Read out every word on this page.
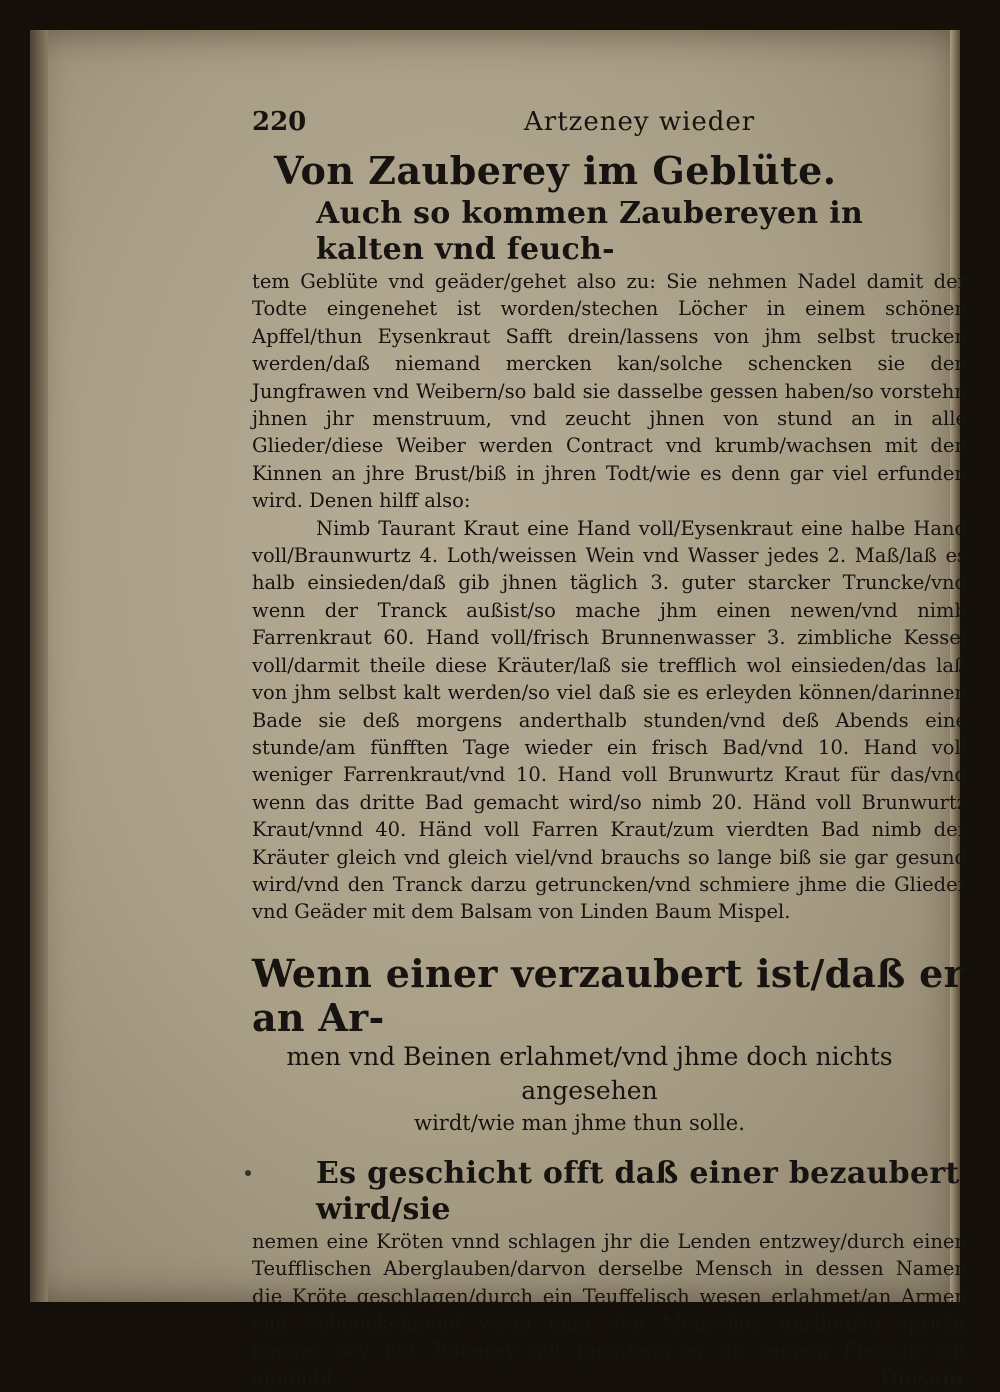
220	Artzeney wieder
Von Zauberey im Geblüte.
Auch so kommen Zaubereyen in kalten vnd feuch-

tem Geblüte vnd geäder/gehet also zu: Sie nehmen Nadel damit der Todte eingenehet ist worden/stechen Löcher in einem schönen Apffel/thun Eysenkraut Safft drein/lassens von jhm selbst trucken werden/daß niemand mercken kan/solche schencken sie den Jungfrawen vnd Weibern/so bald sie dasselbe gessen haben/so vorstehn jhnen jhr menstruum, vnd zeucht jhnen von stund an in alle Glieder/diese Weiber werden Contract vnd krumb/wachsen mit den Kinnen an jhre Brust/biß in jhren Todt/wie es denn gar viel erfunden wird. Denen hilff also:

Nimb Taurant Kraut eine Hand voll/Eysenkraut eine halbe Hand voll/Braunwurtz 4. Loth/weissen Wein vnd Wasser jedes 2. Maß/laß es halb einsieden/daß gib jhnen täglich 3. guter starcker Truncke/vnd wenn der Tranck außist/so mache jhm einen newen/vnd nimb Farrenkraut 60. Hand voll/frisch Brunnenwasser 3. zimbliche Kessel voll/darmit theile diese Kräuter/laß sie trefflich wol einsieden/das laß von jhm selbst kalt werden/so viel daß sie es erleyden können/darinnen Bade sie deß morgens anderthalb stunden/vnd deß Abends eine stunde/am fünfften Tage wieder ein frisch Bad/vnd 10. Hand voll weniger Farrenkraut/vnd 10. Hand voll Brunwurtz Kraut für das/vnd wenn das dritte Bad gemacht wird/so nimb 20. Händ voll Brunwurtz Kraut/vnnd 40. Händ voll Farren Kraut/zum vierdten Bad nimb der Kräuter gleich vnd gleich viel/vnd brauchs so lange biß sie gar gesund wird/vnd den Tranck darzu getruncken/vnd schmiere jhme die Glieder vnd Geäder mit dem Balsam von Linden Baum Mispel.

Wenn einer verzaubert ist/daß er an Ar-
men vnd Beinen erlahmet/vnd jhme doch nichts angesehen
wirdt/wie man jhme thun solle.
Es geschicht offt daß einer bezaubert wird/sie

nemen eine Kröten vnnd schlagen jhr die Lenden entzwey/durch einen Teufflischen Aberglauben/darvon derselbe Mensch in dessen Namen die Kröte geschlagen/durch ein Teuffelisch wesen erlahmet/an Armen vnd Schenckeln/vnd wenn man den Menschen ansihet/so spricht man/es sey nur Büberey mit jhm/denn er an seinem Fleische nit abnimbt.	Diesem
